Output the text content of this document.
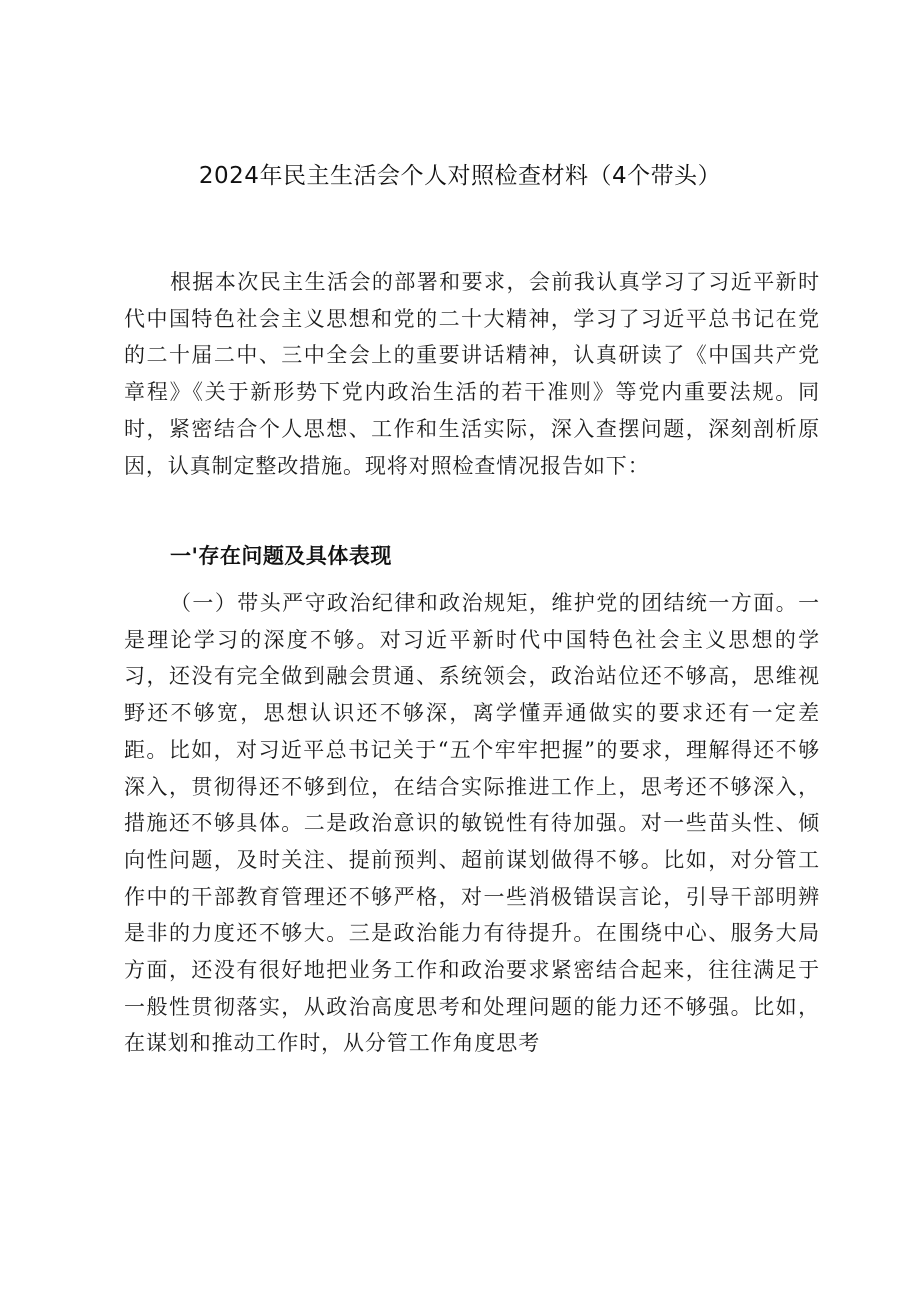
2024年民主生活会个人对照检查材料（4个带头）

根据本次民主生活会的部署和要求，会前我认真学习了习近平新时代中国特色社会主义思想和党的二十大精神，学习了习近平总书记在党的二十届二中、三中全会上的重要讲话精神，认真研读了《中国共产党章程》《关于新形势下党内政治生活的若干准则》等党内重要法规。同时，紧密结合个人思想、工作和生活实际，深入查摆问题，深刻剖析原因，认真制定整改措施。现将对照检查情况报告如下：

一'存在问题及具体表现

（一）带头严守政治纪律和政治规矩，维护党的团结统一方面。一是理论学习的深度不够。对习近平新时代中国特色社会主义思想的学习，还没有完全做到融会贯通、系统领会，政治站位还不够高，思维视野还不够宽，思想认识还不够深，离学懂弄通做实的要求还有一定差距。比如，对习近平总书记关于“五个牢牢把握”的要求，理解得还不够深入，贯彻得还不够到位，在结合实际推进工作上，思考还不够深入，措施还不够具体。二是政治意识的敏锐性有待加强。对一些苗头性、倾向性问题，及时关注、提前预判、超前谋划做得不够。比如，对分管工作中的干部教育管理还不够严格，对一些消极错误言论，引导干部明辨是非的力度还不够大。三是政治能力有待提升。在围绕中心、服务大局方面，还没有很好地把业务工作和政治要求紧密结合起来，往往满足于一般性贯彻落实，从政治高度思考和处理问题的能力还不够强。比如，在谋划和推动工作时，从分管工作角度思考
